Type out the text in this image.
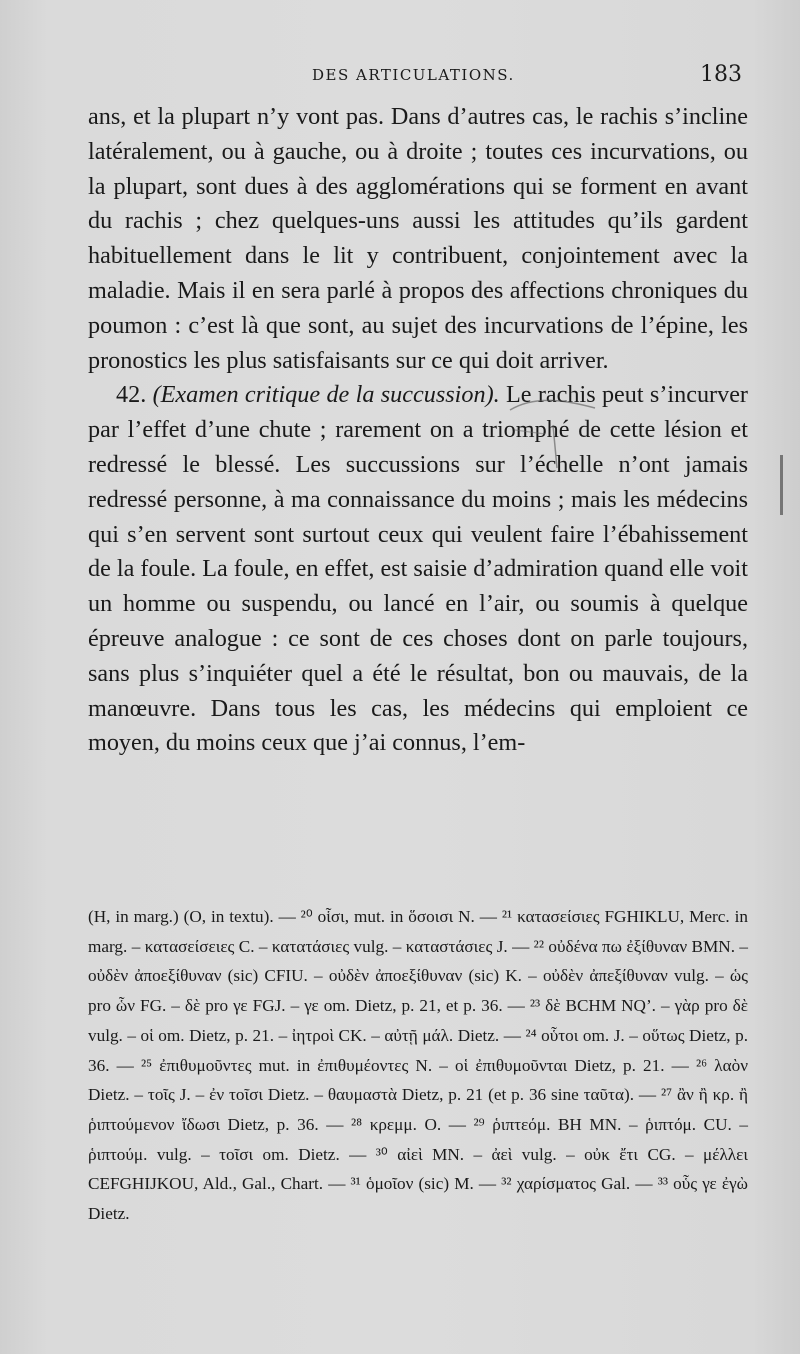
DES ARTICULATIONS.	183

ans, et la plupart n’y vont pas. Dans d’autres cas, le rachis s’incline latéralement, ou à gauche, ou à droite ; toutes ces incurvations, ou la plupart, sont dues à des agglomérations qui se forment en avant du rachis ; chez quelques-uns aussi les attitudes qu’ils gardent habituellement dans le lit y contribuent, conjointement avec la maladie. Mais il en sera parlé à propos des affections chroniques du poumon : c’est là que sont, au sujet des incurvations de l’épine, les pronostics les plus satisfaisants sur ce qui doit arriver.

42. (Examen critique de la succussion). Le rachis peut s’incurver par l’effet d’une chute ; rarement on a triomphé de cette lésion et redressé le blessé. Les succussions sur l’échelle n’ont jamais redressé personne, à ma connaissance du moins ; mais les médecins qui s’en servent sont surtout ceux qui veulent faire l’ébahissement de la foule. La foule, en effet, est saisie d’admiration quand elle voit un homme ou suspendu, ou lancé en l’air, ou soumis à quelque épreuve analogue : ce sont de ces choses dont on parle toujours, sans plus s’inquiéter quel a été le résultat, bon ou mauvais, de la manœuvre. Dans tous les cas, les médecins qui emploient ce moyen, du moins ceux que j’ai connus, l’em-

(H, in marg.) (O, in textu). — ²⁰ οἷσι, mut. in ὅσοισι N. — ²¹ κατασείσιες FGHIKLU, Merc. in marg. – κατασείσειες C. – κατατάσιες vulg. – καταστάσιες J. — ²² οὐδένα πω ἐξίθυναν BMN. – οὐδὲν ἀποεξίθυναν (sic) CFIU. – οὐδὲν ἀποεξίθυναν (sic) K. – οὐδὲν ἀπεξίθυναν vulg. – ὡς pro ὧν FG. – δὲ pro γε FGJ. – γε om. Dietz, p. 21, et p. 36. — ²³ δὲ BCHM NQ’. – γὰρ pro δὲ vulg. – οἱ om. Dietz, p. 21. – ἰητροὶ CK. – αὐτῇ μάλ. Dietz. — ²⁴ οὗτοι om. J. – οὕτως Dietz, p. 36. — ²⁵ ἐπιθυμοῦντες mut. in ἐπιθυμέοντες N. – οἱ ἐπιθυμοῦνται Dietz, p. 21. — ²⁶ λαὸν Dietz. – τοῖς J. – ἐν τοῖσι Dietz. – θαυμαστὰ Dietz, p. 21 (et p. 36 sine ταῦτα). — ²⁷ ἂν ἢ κρ. ἢ ῥιπτούμενον ἴδωσι Dietz, p. 36. — ²⁸ κρεμμ. O. — ²⁹ ῥιπτεόμ. BH MN. – ῥιπτόμ. CU. – ῥιπτούμ. vulg. – τοῖσι om. Dietz. — ³⁰ αἰεὶ MN. – ἀεὶ vulg. – οὐκ ἔτι CG. – μέλλει CEFGHIJKOU, Ald., Gal., Chart. — ³¹ ὁμοῖον (sic) M. — ³² χαρίσματος Gal. — ³³ οὗς γε ἐγὼ Dietz.
